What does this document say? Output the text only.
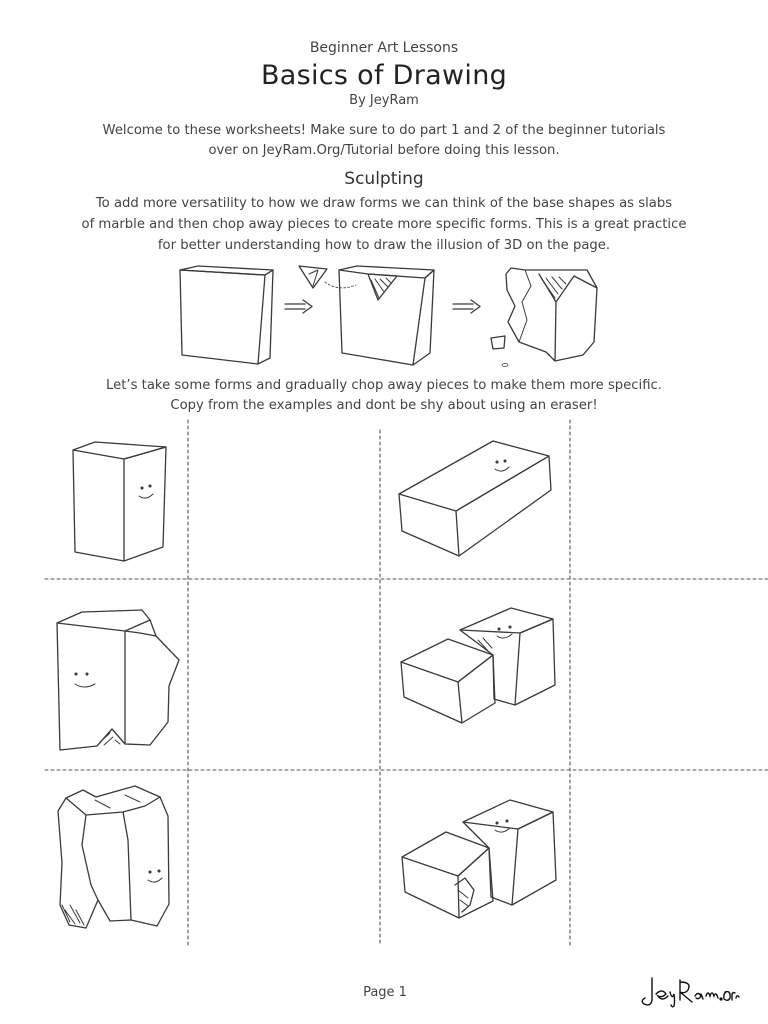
Beginner Art Lessons
Basics of Drawing
By JeyRam
Welcome to these worksheets! Make sure to do part 1 and 2 of the beginner tutorials
over on JeyRam.Org/Tutorial before doing this lesson.
Sculpting
To add more versatility to how we draw forms we can think of the base shapes as slabs
of marble and then chop away pieces to create more specific forms. This is a great practice
for better understanding how to draw the illusion of 3D on the page.
Let’s take some forms and gradually chop away pieces to make them more specific.
Copy from the examples and dont be shy about using an eraser!
Page 1
